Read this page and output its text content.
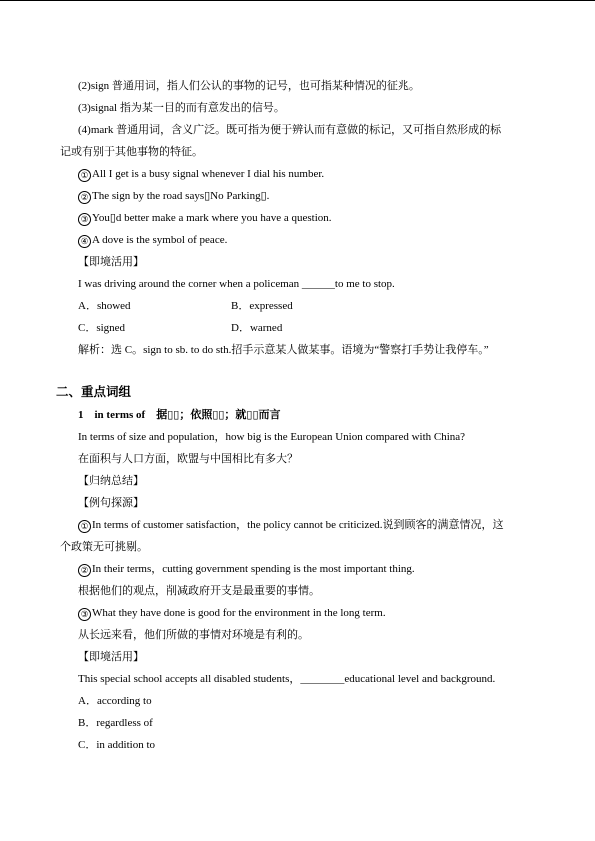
(2)sign 普通用词，指人们公认的事物的记号，也可指某种情况的征兆。
(3)signal 指为某一目的而有意发出的信号。
(4)mark 普通用词，含义广泛。既可指为便于辨认而有意做的标记，又可指自然形成的标
记或有别于其他事物的特征。
① All I get is a busy signal whenever I dial his number.
② The sign by the road says▯No Parking▯.
③ You▯d better make a mark where you have a question.
④ A dove is the symbol of peace.
【即境活用】
I was driving around the corner when a policeman ______to me to stop.
A．showed	B．expressed
C．signed	D．warned
解析：选 C。sign to sb. to do sth.招手示意某人做某事。语境为“警察打手势让我停车。”
二、重点词组
1　in terms of　据▯▯；依照▯▯；就▯▯而言
In terms of size and population，how big is the European Union compared with China?
在面积与人口方面，欧盟与中国相比有多大？
【归纳总结】
【例句探源】
① In terms of customer satisfaction，the policy cannot be criticized.说到顾客的满意情况，这
个政策无可挑剔。
② In their terms，cutting government spending is the most important thing.
根据他们的观点，削减政府开支是最重要的事情。
③ What they have done is good for the environment in the long term.
从长远来看，他们所做的事情对环境是有利的。
【即境活用】
This special school accepts all disabled students，________educational level and background.
A．according to
B．regardless of
C．in addition to
